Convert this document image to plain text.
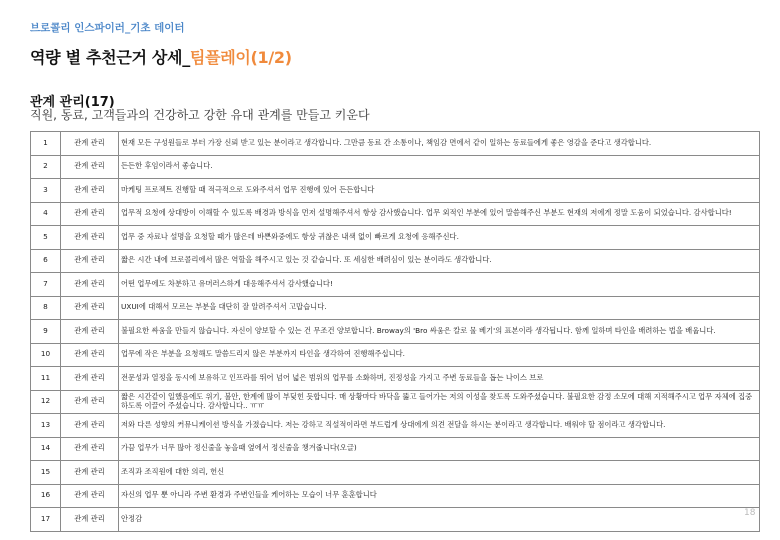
브로콜리 인스파이러_기초 데이터
역량 별 추천근거 상세_팀플레이(1/2)
관계 관리(17)
직원, 동료, 고객들과의 건강하고 강한 유대 관계를 만들고 키운다
1	관계 관리	현재 모든 구성원들로 부터 가장 신뢰 받고 있는 분이라고 생각합니다. 그만큼 동료 간 소통이나, 책임감 면에서 같이 일하는 동료들에게 좋은 영감을 준다고 생각합니다.
2	관계 관리	든든한 후임이라서 좋습니다.
3	관계 관리	마케팅 프로젝트 진행할 때 적극적으로 도와주셔서 업무 진행에 있어 든든합니다
4	관계 관리	업무적 요청에 상대방이 이해할 수 있도록 배경과 방식을 먼저 설명해주셔서 항상 감사했습니다. 업무 외적인 부분에 있어 말씀해주신 부분도 현재의 저에게 정말 도움이 되었습니다. 감사합니다!
5	관계 관리	업무 중 자료나 설명을 요청할 때가 많은데 바쁜와중에도 항상 귀찮은 내색 없이 빠르게 요청에 응해주신다.
6	관계 관리	짧은 시간 내에 브로콜리에서 많은 역할을 해주시고 있는 것 같습니다. 또 세심한 배려심이 있는 분이라도 생각합니다.
7	관계 관리	어떤 업무에도 차분하고 유머러스하게 대응해주셔서 감사했습니다!
8	관계 관리	UXUI에 대해서 모르는 부분을 대단히 잘 알려주셔서 고맙습니다.
9	관계 관리	불필요한 싸움을 만들지 않습니다. 자신이 양보할 수 있는 건 무조건 양보합니다. Broway의 'Bro 싸움은 칼로 물 베기'의 표본이라 생각됩니다. 함께 일하며 타인을 배려하는 법을 배웁니다.
10	관계 관리	업무에 작은 부분을 요청해도 말씀드리지 않은 부분까지 타인을 생각하여 진행해주십니다.
11	관계 관리	전문성과 열정을 동시에 보유하고 인프라를 뛰어 넘어 넓은 범위의 업무를 소화하며, 진정성을 가지고 주변 동료들을 돕는 나이스 브로
12	관계 관리	짧은 시간같이 일했음에도 위기, 불안, 한계에 많이 부딪힌 듯합니다. 매 상황마다 바닥을 뚫고 들어가는 저의 이성을 찾도록 도와주셨습니다. 불필요한 감정 소모에 대해 지적해주시고 업무 자체에 집중하도록 이끌어 주셨습니다. 감사합니다.. ㅠㅠ
13	관계 관리	저와 다른 성향의 커뮤니케이션 방식을 가졌습니다. 저는 강하고 직설적이라면 부드럽게 상대에게 의견 전달을 하시는 분이라고 생각합니다. 배워야 할 점이라고 생각합니다.
14	관계 관리	가끔 업무가 너무 많아 정신줄을 놓을때 옆에서 정신줄을 챙겨줍니다(오글)
15	관계 관리	조직과 조직원에 대한 의리, 헌신
16	관계 관리	자신의 업무 뿐 아니라 주변 환경과 주변인들을 케어하는 모습이 너무 훈훈합니다
17	관계 관리	안정감
18
